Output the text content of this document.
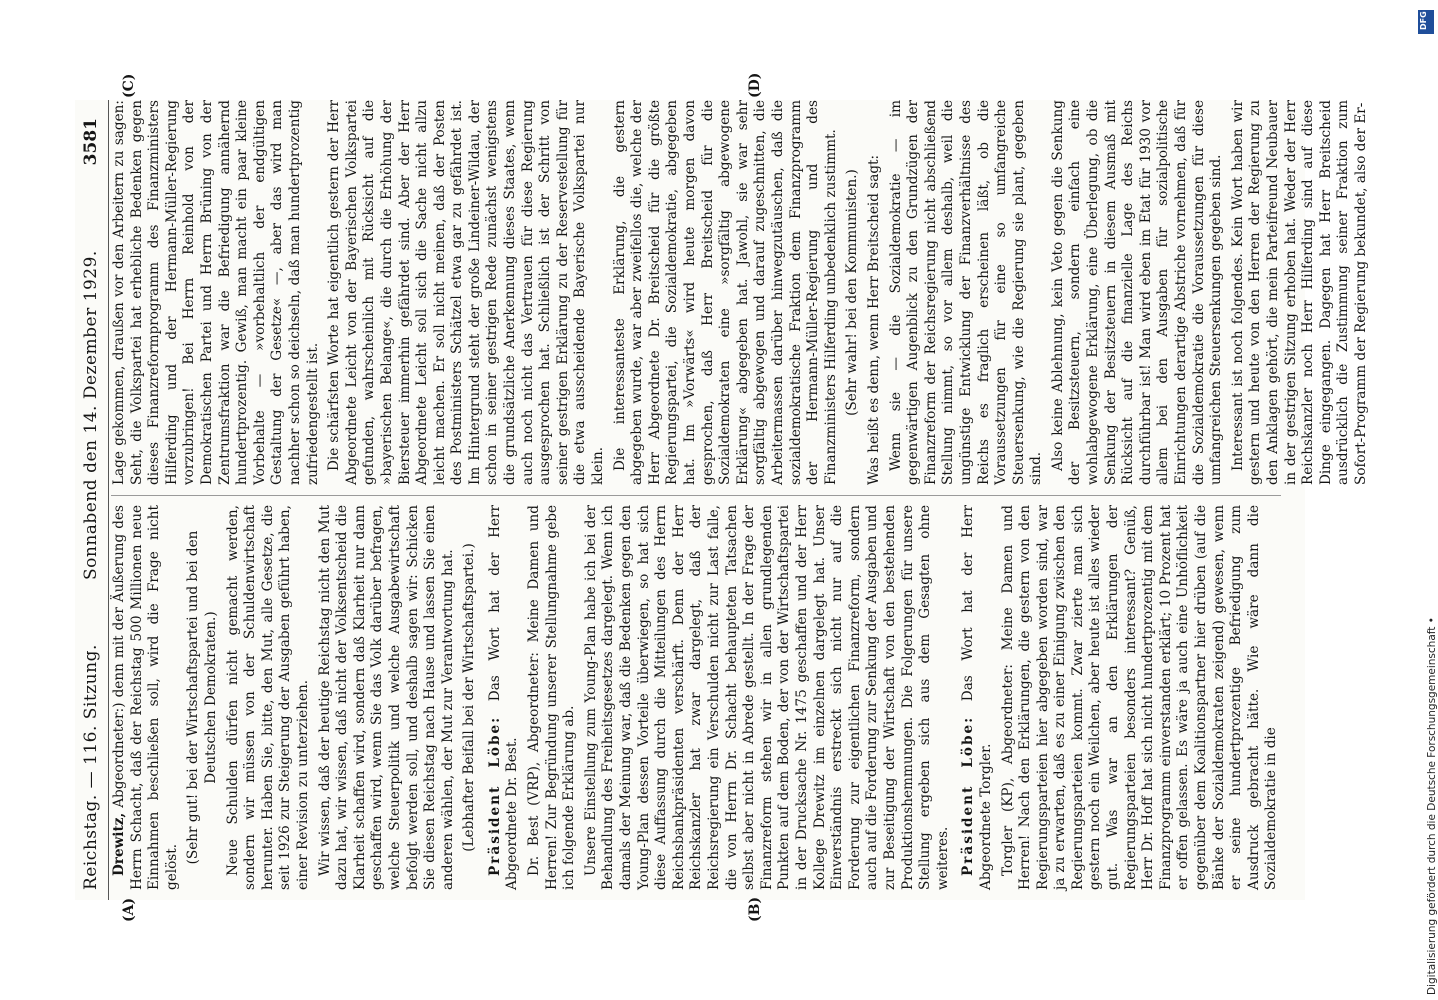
Reichstag. — 116. Sitzung.
Sonnabend den 14. Dezember 1929.
3581
(A)	(B)

Drewitz, Abgeordneter:) denn mit der Äußerung des Herrn Schacht, daß der Reichstag 500 Millionen neue Einnahmen beschließen soll, wird die Frage nicht gelöst.

(Sehr gut! bei der Wirtschaftspartei und bei den Deutschen Demokraten.) Neue Schulden dürfen nicht gemacht werden, sondern wir müssen von der Schuldenwirtschaft herunter. Haben Sie, bitte, den Mut, alle Gesetze, die seit 1926 zur Steigerung der Ausgaben geführt haben, einer Revision zu unterziehen. Wir wissen, daß der heutige Reichstag nicht den Mut dazu hat, wir wissen, daß nicht der Volksentscheid die Klarheit schaffen wird, sondern daß Klarheit nur dann geschaffen wird, wenn Sie das Volk darüber befragen, welche Steuerpolitik und welche Ausgabewirtschaft befolgt werden soll, und deshalb sagen wir: Schicken Sie diesen Reichstag nach Hause und lassen Sie einen anderen wählen, der Mut zur Verantwortung hat. (Lebhafter Beifall bei der Wirtschaftspartei.) Präsident Löbe: Das Wort hat der Herr Abgeordnete Dr. Best. Dr. Best (VRP), Abgeordneter: Meine Damen und Herren! Zur Begründung unserer Stellungnahme gebe ich folgende Erklärung ab. Unsere Einstellung zum Young-Plan habe ich bei der Behandlung des Freiheitsgesetzes dargelegt. Wenn ich damals der Meinung war, daß die Bedenken gegen den Young-Plan dessen Vorteile überwiegen, so hat sich diese Auffassung durch die Mitteilungen des Herrn Reichsbankpräsidenten verschärft. Denn der Herr Reichskanzler hat zwar dargelegt, daß der Reichsregierung ein Verschulden nicht zur Last falle, die von Herrn Dr. Schacht behaupteten Tatsachen selbst aber nicht in Abrede gestellt. In der Frage der Finanzreform stehen wir in allen grundlegenden Punkten auf dem Boden, der von der Wirtschaftspartei in der Drucksache Nr. 1475 geschaffen und der Herr Kollege Drewitz im einzelnen dargelegt hat. Unser Einverständnis erstreckt sich nicht nur auf die Forderung zur eigentlichen Finanzreform, sondern auch auf die Forderung zur Senkung der Ausgaben und zur Beseitigung der Wirtschaft von den bestehenden Produktionshemmungen. Die Folgerungen für unsere Stellung ergeben sich aus dem Gesagten ohne weiteres. Präsident Löbe: Das Wort hat der Herr Abgeordnete Torgler. Torgler (KP), Abgeordneter: Meine Damen und Herren! Nach den Erklärungen, die gestern von den Regierungsparteien hier abgegeben worden sind, war ja zu erwarten, daß es zu einer Einigung zwischen den Regierungsparteien kommt. Zwar zierte man sich gestern noch ein Weilchen, aber heute ist alles wieder gut. Was war an den Erklärungen der Regierungsparteien besonders interessant? Genüß, Herr Dr. Hoff hat sich nicht hundertprozentig mit dem Finanzprogramm einverstanden erklärt; 10 Prozent hat er offen gelassen. Es wäre ja auch eine Unhöflichkeit gegenüber dem Koalitionspartner hier drüben (auf die Bänke der Sozialdemokraten zeigend) gewesen, wenn er seine hundertprozentige Befriedigung zum Ausdruck gebracht hätte. Wie wäre dann die Sozialdemokratie in die

Lage gekommen, draußen vor den Arbeitern zu sagen: Seht, die Volkspartei hat erhebliche Bedenken gegen dieses Finanzreformprogramm des Finanzministers Hilferding und der Hermann-Müller-Regierung vorzubringen! Bei Herrn Reinhold von der Demokratischen Partei und Herrn Brüning von der Zentrumsfraktion war die Befriedigung annähernd hundertprozentig. Gewiß, man macht ein paar kleine Vorbehalte — »vorbehaltlich der endgültigen Gestaltung der Gesetze« —, aber das wird man nachher schon so deichseln, daß man hundertprozentig zufriedengestellt ist. Die schärfsten Worte hat eigentlich gestern der Herr Abgeordnete Leicht von der Bayerischen Volkspartei gefunden, wahrscheinlich mit Rücksicht auf die »bayerischen Belange«, die durch die Erhöhung der Biersteuer immerhin gefährdet sind. Aber der Herr Abgeordnete Leicht soll sich die Sache nicht allzu leicht machen. Er soll nicht meinen, daß der Posten des Postministers Schätzel etwa gar zu gefährdet ist. Im Hintergrund steht der große Lindeiner-Wildau, der schon in seiner gestrigen Rede zunächst wenigstens die grundsätzliche Anerkennung dieses Staates, wenn auch noch nicht das Vertrauen für diese Regierung ausgesprochen hat. Schließlich ist der Schritt von seiner gestrigen Erklärung zu der Reservestellung für die etwa ausscheidende Bayerische Volkspartei nur klein. Die interessanteste Erklärung, die gestern abgegeben wurde, war aber zweifellos die, welche der Herr Abgeordnete Dr. Breitscheid für die größte Regierungspartei, die Sozialdemokratie, abgegeben hat. Im »Vorwärts« wird heute morgen davon gesprochen, daß Herr Breitscheid für die Sozialdemokraten eine »sorgfältig abgewogene Erklärung« abgegeben hat. Jawohl, sie war sehr sorgfältig abgewogen und darauf zugeschnitten, die Arbeitermassen darüber hinwegzutäuschen, daß die sozialdemokratische Fraktion dem Finanzprogramm der Hermann-Müller-Regierung und des Finanzministers Hilferding unbedenklich zustimmt. (Sehr wahr! bei den Kommunisten.) Was heißt es denn, wenn Herr Breitscheid sagt: Wenn sie — die Sozialdemokratie — im gegenwärtigen Augenblick zu den Grundzügen der Finanzreform der Reichsregierung nicht abschließend Stellung nimmt, so vor allem deshalb, weil die ungünstige Entwicklung der Finanzverhältnisse des Reichs es fraglich erscheinen läßt, ob die Voraussetzungen für eine so umfangreiche Steuersenkung, wie die Regierung sie plant, gegeben sind. Also keine Ablehnung, kein Veto gegen die Senkung der Besitzsteuern, sondern einfach eine wohlabgewogene Erklärung, eine Überlegung, ob die Senkung der Besitzsteuern in diesem Ausmaß mit Rücksicht auf die finanzielle Lage des Reichs durchführbar ist! Man wird eben im Etat für 1930 vor allem bei den Ausgaben für sozialpolitische Einrichtungen derartige Abstriche vornehmen, daß für die Sozialdemokratie die Voraussetzungen für diese umfangreichen Steuersenkungen gegeben sind. Interessant ist noch folgendes. Kein Wort haben wir gestern und heute von den Herren der Regierung zu den Anklagen gehört, die mein Parteifreund Neubauer in der gestrigen Sitzung erhoben hat. Weder der Herr Reichskanzler noch Herr Hilferding sind auf diese Dinge eingegangen. Dagegen hat Herr Breitscheid ausdrücklich die Zustimmung seiner Fraktion zum Sofort-Programm der Regierung bekundet, also der Er-

(C)	(D)
Digitalisierung gefördert durch die Deutsche Forschungsgemeinschaft •
DFG
